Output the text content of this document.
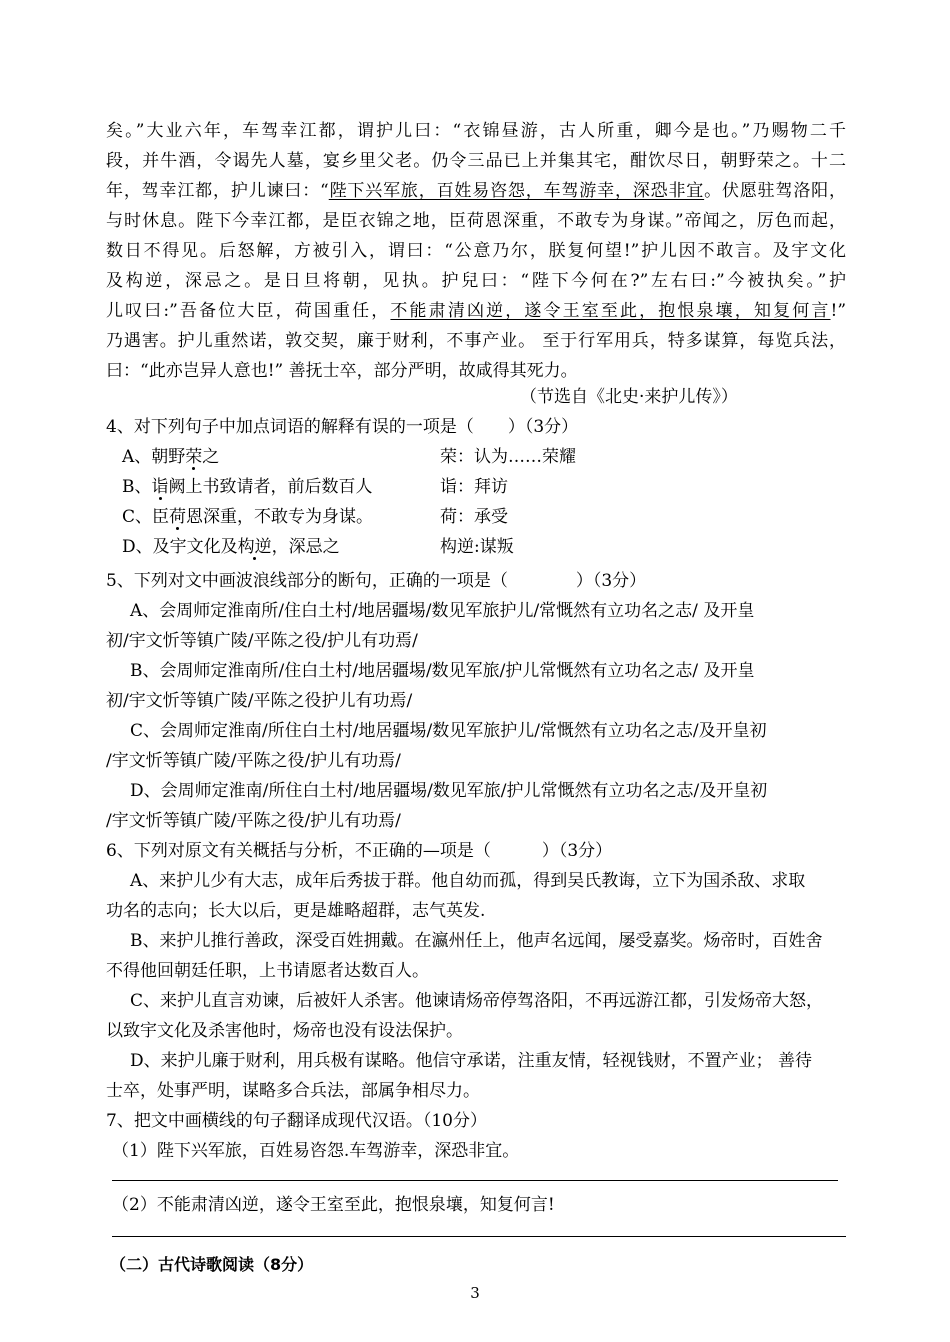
矣。”大业六年，车驾幸江都，谓护儿曰：“衣锦昼游，古人所重，卿今是也。”乃赐物二千
段，并牛酒，令谒先人墓，宴乡里父老。仍令三品已上并集其宅，酣饮尽日，朝野荣之。十二
年，驾幸江都，护儿谏曰：“陛下兴军旅，百姓易咨怨，车驾游幸，深恐非宜。伏愿驻驾洛阳，
与时休息。陛下今幸江都，是臣衣锦之地，臣荷恩深重，不敢专为身谋。”帝闻之，厉色而起，
数日不得见。后怒解，方被引入，谓曰：“公意乃尔，朕复何望!”护儿因不敢言。及宇文化
及构逆，深忌之。是日旦将朝，见执。护兒曰：“陛下今何在?”左右曰:”今被执矣。”护
儿叹曰:”吾备位大臣，荷国重任，不能肃清凶逆，遂令王室至此，抱恨泉壤，知复何言!”
乃遇害。护儿重然诺，敦交契，廉于财利，不事产业。 至于行军用兵，特多谋算，每览兵法，
曰：“此亦岂异人意也!” 善抚士卒，部分严明，故咸得其死力。
（节选自《北史·来护儿传》）
4、对下列句子中加点词语的解释有误的一项是（　　）（3分）
A、朝野荣之	荣：认为……荣耀
B、诣阙上书致请者，前后数百人	诣：拜访
C、臣荷恩深重，不敢专为身谋。	荷：承受
D、及宇文化及构逆，深忌之	构逆:谋叛
5、下列对文中画波浪线部分的断句，正确的一项是（　　　　）（3分）
A、会周师定淮南所/住白土村/地居疆埸/数见军旅护儿/常慨然有立功名之志/ 及开皇
初/宇文忻等镇广陵/平陈之役/护儿有功焉/
B、会周师定淮南所/住白土村/地居疆埸/数见军旅/护儿常慨然有立功名之志/ 及开皇
初/宇文忻等镇广陵/平陈之役护儿有功焉/
C、会周师定淮南/所住白土村/地居疆埸/数见军旅护儿/常慨然有立功名之志/及开皇初
/宇文忻等镇广陵/平陈之役/护儿有功焉/
D、会周师定淮南/所住白土村/地居疆埸/数见军旅/护儿常慨然有立功名之志/及开皇初
/宇文忻等镇广陵/平陈之役/护儿有功焉/
6、下列对原文有关概括与分析，不正确的—项是（　　　）（3分）
A、来护儿少有大志，成年后秀拔于群。他自幼而孤，得到吴氏教诲，立下为国杀敌、求取
功名的志向；长大以后，更是雄略超群，志气英发.
B、来护儿推行善政，深受百姓拥戴。在瀛州任上，他声名远闻，屡受嘉奖。炀帝时，百姓舍
不得他回朝廷任职，上书请愿者达数百人。
C、来护儿直言劝谏，后被奸人杀害。他谏请炀帝停驾洛阳，不再远游江都，引发炀帝大怒，
以致宇文化及杀害他时，炀帝也没有设法保护。
D、来护儿廉于财利，用兵极有谋略。他信守承诺，注重友情，轻视钱财，不置产业； 善待
士卒，处事严明，谋略多合兵法，部属争相尽力。
7、把文中画横线的句子翻译成现代汉语。（10分）
（1）陛下兴军旅，百姓易咨怨.车驾游幸，深恐非宜。
（2）不能肃清凶逆，遂令王室至此，抱恨泉壤，知复何言!
（二）古代诗歌阅读（8分）
3
